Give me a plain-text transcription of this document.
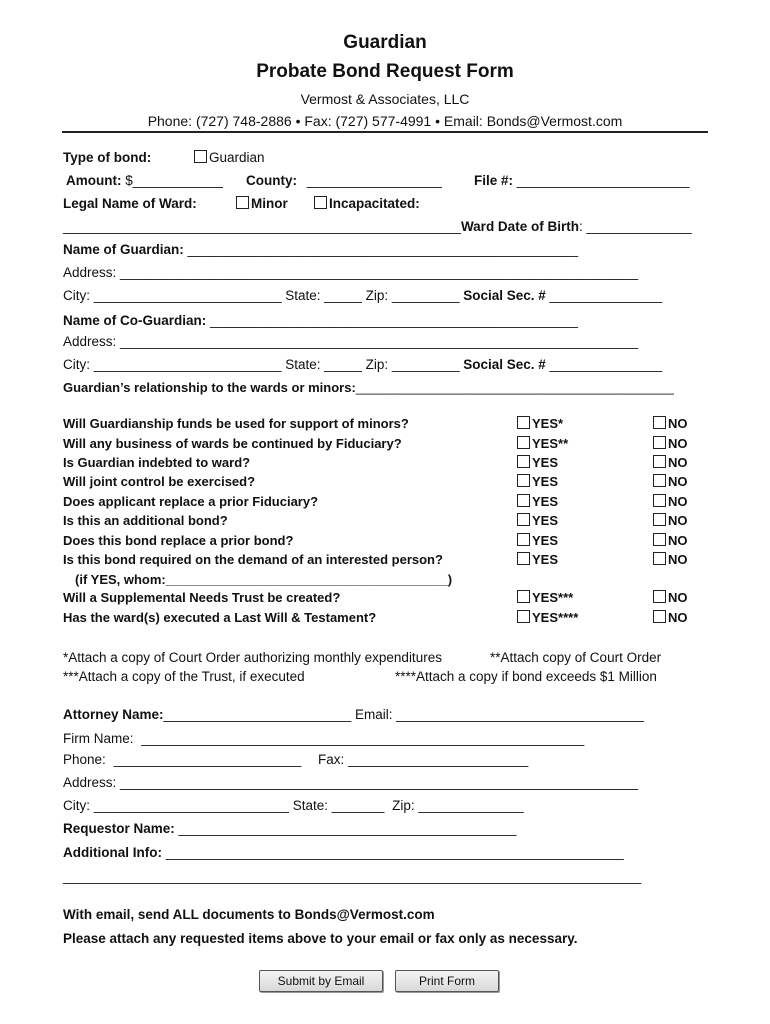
Guardian
Probate Bond Request Form
Vermost & Associates, LLC
Phone: (727) 748-2886 • Fax: (727) 577-4991 • Email: Bonds@Vermost.com
Type of bond:	Guardian
Amount: $____________ County: __________________ File #: _______________________
Legal Name of Ward:	Minor	Incapacitated:
_____________________________________________________Ward Date of Birth: ______________
Name of Guardian: ____________________________________________________
Address: _____________________________________________________________________
City: _________________________ State: _____ Zip: _________ Social Sec. # _______________
Name of Co-Guardian: _________________________________________________
Address: _____________________________________________________________________
City: _________________________ State: _____ Zip: _________ Social Sec. # _______________
Guardian’s relationship to the wards or minors:____________________________________________
Will Guardianship funds be used for support of minors?	YES*	NO
Will any business of wards be continued by Fiduciary?	YES**	NO
Is Guardian indebted to ward?	YES	NO
Will joint control be exercised?	YES	NO
Does applicant replace a prior Fiduciary?	YES	NO
Is this an additional bond?	YES	NO
Does this bond replace a prior bond?	YES	NO
Is this bond required on the demand of an interested person?	YES	NO
Will a Supplemental Needs Trust be created?	YES***	NO
Has the ward(s) executed a Last Will & Testament?	YES****	NO
(if YES, whom:_______________________________________)
*Attach a copy of Court Order authorizing monthly expenditures	**Attach copy of Court Order
***Attach a copy of the Trust, if executed	****Attach a copy if bond exceeds $1 Million
Attorney Name:_________________________ Email: _________________________________
Firm Name: ___________________________________________________________
Phone: _________________________ Fax: ________________________
Address: _____________________________________________________________________
City: __________________________ State: _______ Zip: ______________
Requestor Name: _____________________________________________
Additional Info: _____________________________________________________________
_____________________________________________________________________________
With email, send ALL documents to Bonds@Vermost.com
Please attach any requested items above to your email or fax only as necessary.
Submit by Email	Print Form
